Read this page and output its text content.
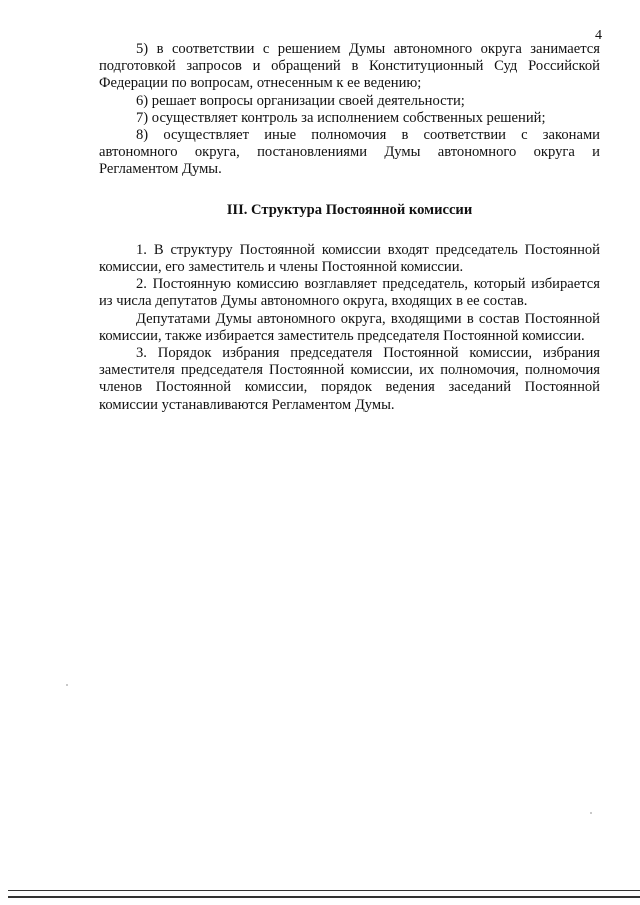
4

5) в соответствии с решением Думы автономного округа занимается подготовкой запросов и обращений в Конституционный Суд Российской Федерации по вопросам, отнесенным к ее ведению;

6) решает вопросы организации своей деятельности;

7) осуществляет контроль за исполнением собственных решений;

8) осуществляет иные полномочия в соответствии с законами автономного округа, постановлениями Думы автономного округа и Регламентом Думы.

III. Структура Постоянной комиссии

1. В структуру Постоянной комиссии входят председатель Постоянной комиссии, его заместитель и члены Постоянной комиссии.

2. Постоянную комиссию возглавляет председатель, который избирается из числа депутатов Думы автономного округа, входящих в ее состав.

Депутатами Думы автономного округа, входящими в состав Постоянной комиссии, также избирается заместитель председателя Постоянной комиссии.

3. Порядок избрания председателя Постоянной комиссии, избрания заместителя председателя Постоянной комиссии, их полномочия, полномочия членов Постоянной комиссии, порядок ведения заседаний Постоянной комиссии устанавливаются Регламентом Думы.
